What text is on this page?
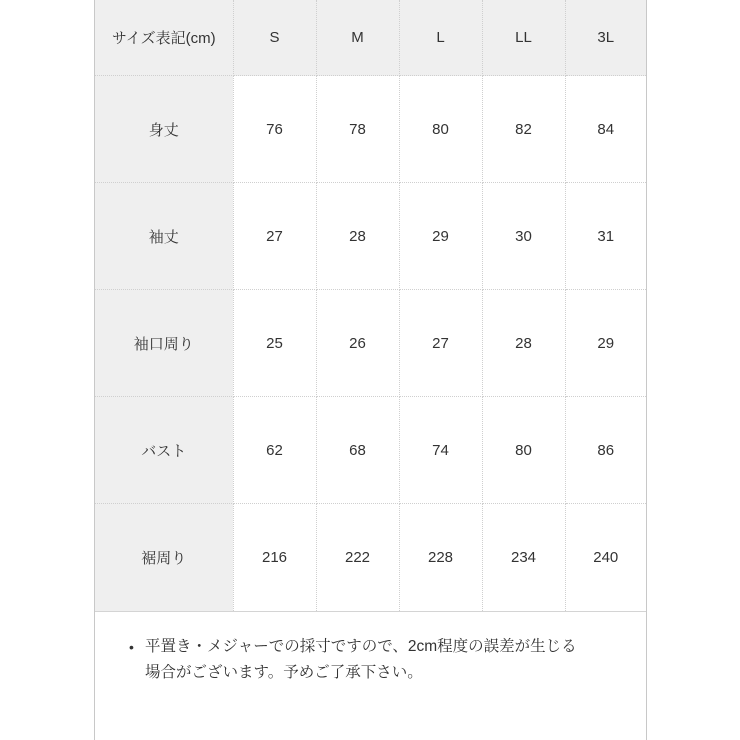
サイズ表記(cm)	S	M	L	LL	3L
身丈	76	78	80	82	84
袖丈	27	28	29	30	31
袖口周り	25	26	27	28	29
バスト	62	68	74	80	86
裾周り	216	222	228	234	240
• 平置き・メジャーでの採寸ですので、2cm程度の誤差が生じる
場合がございます。予めご了承下さい。
